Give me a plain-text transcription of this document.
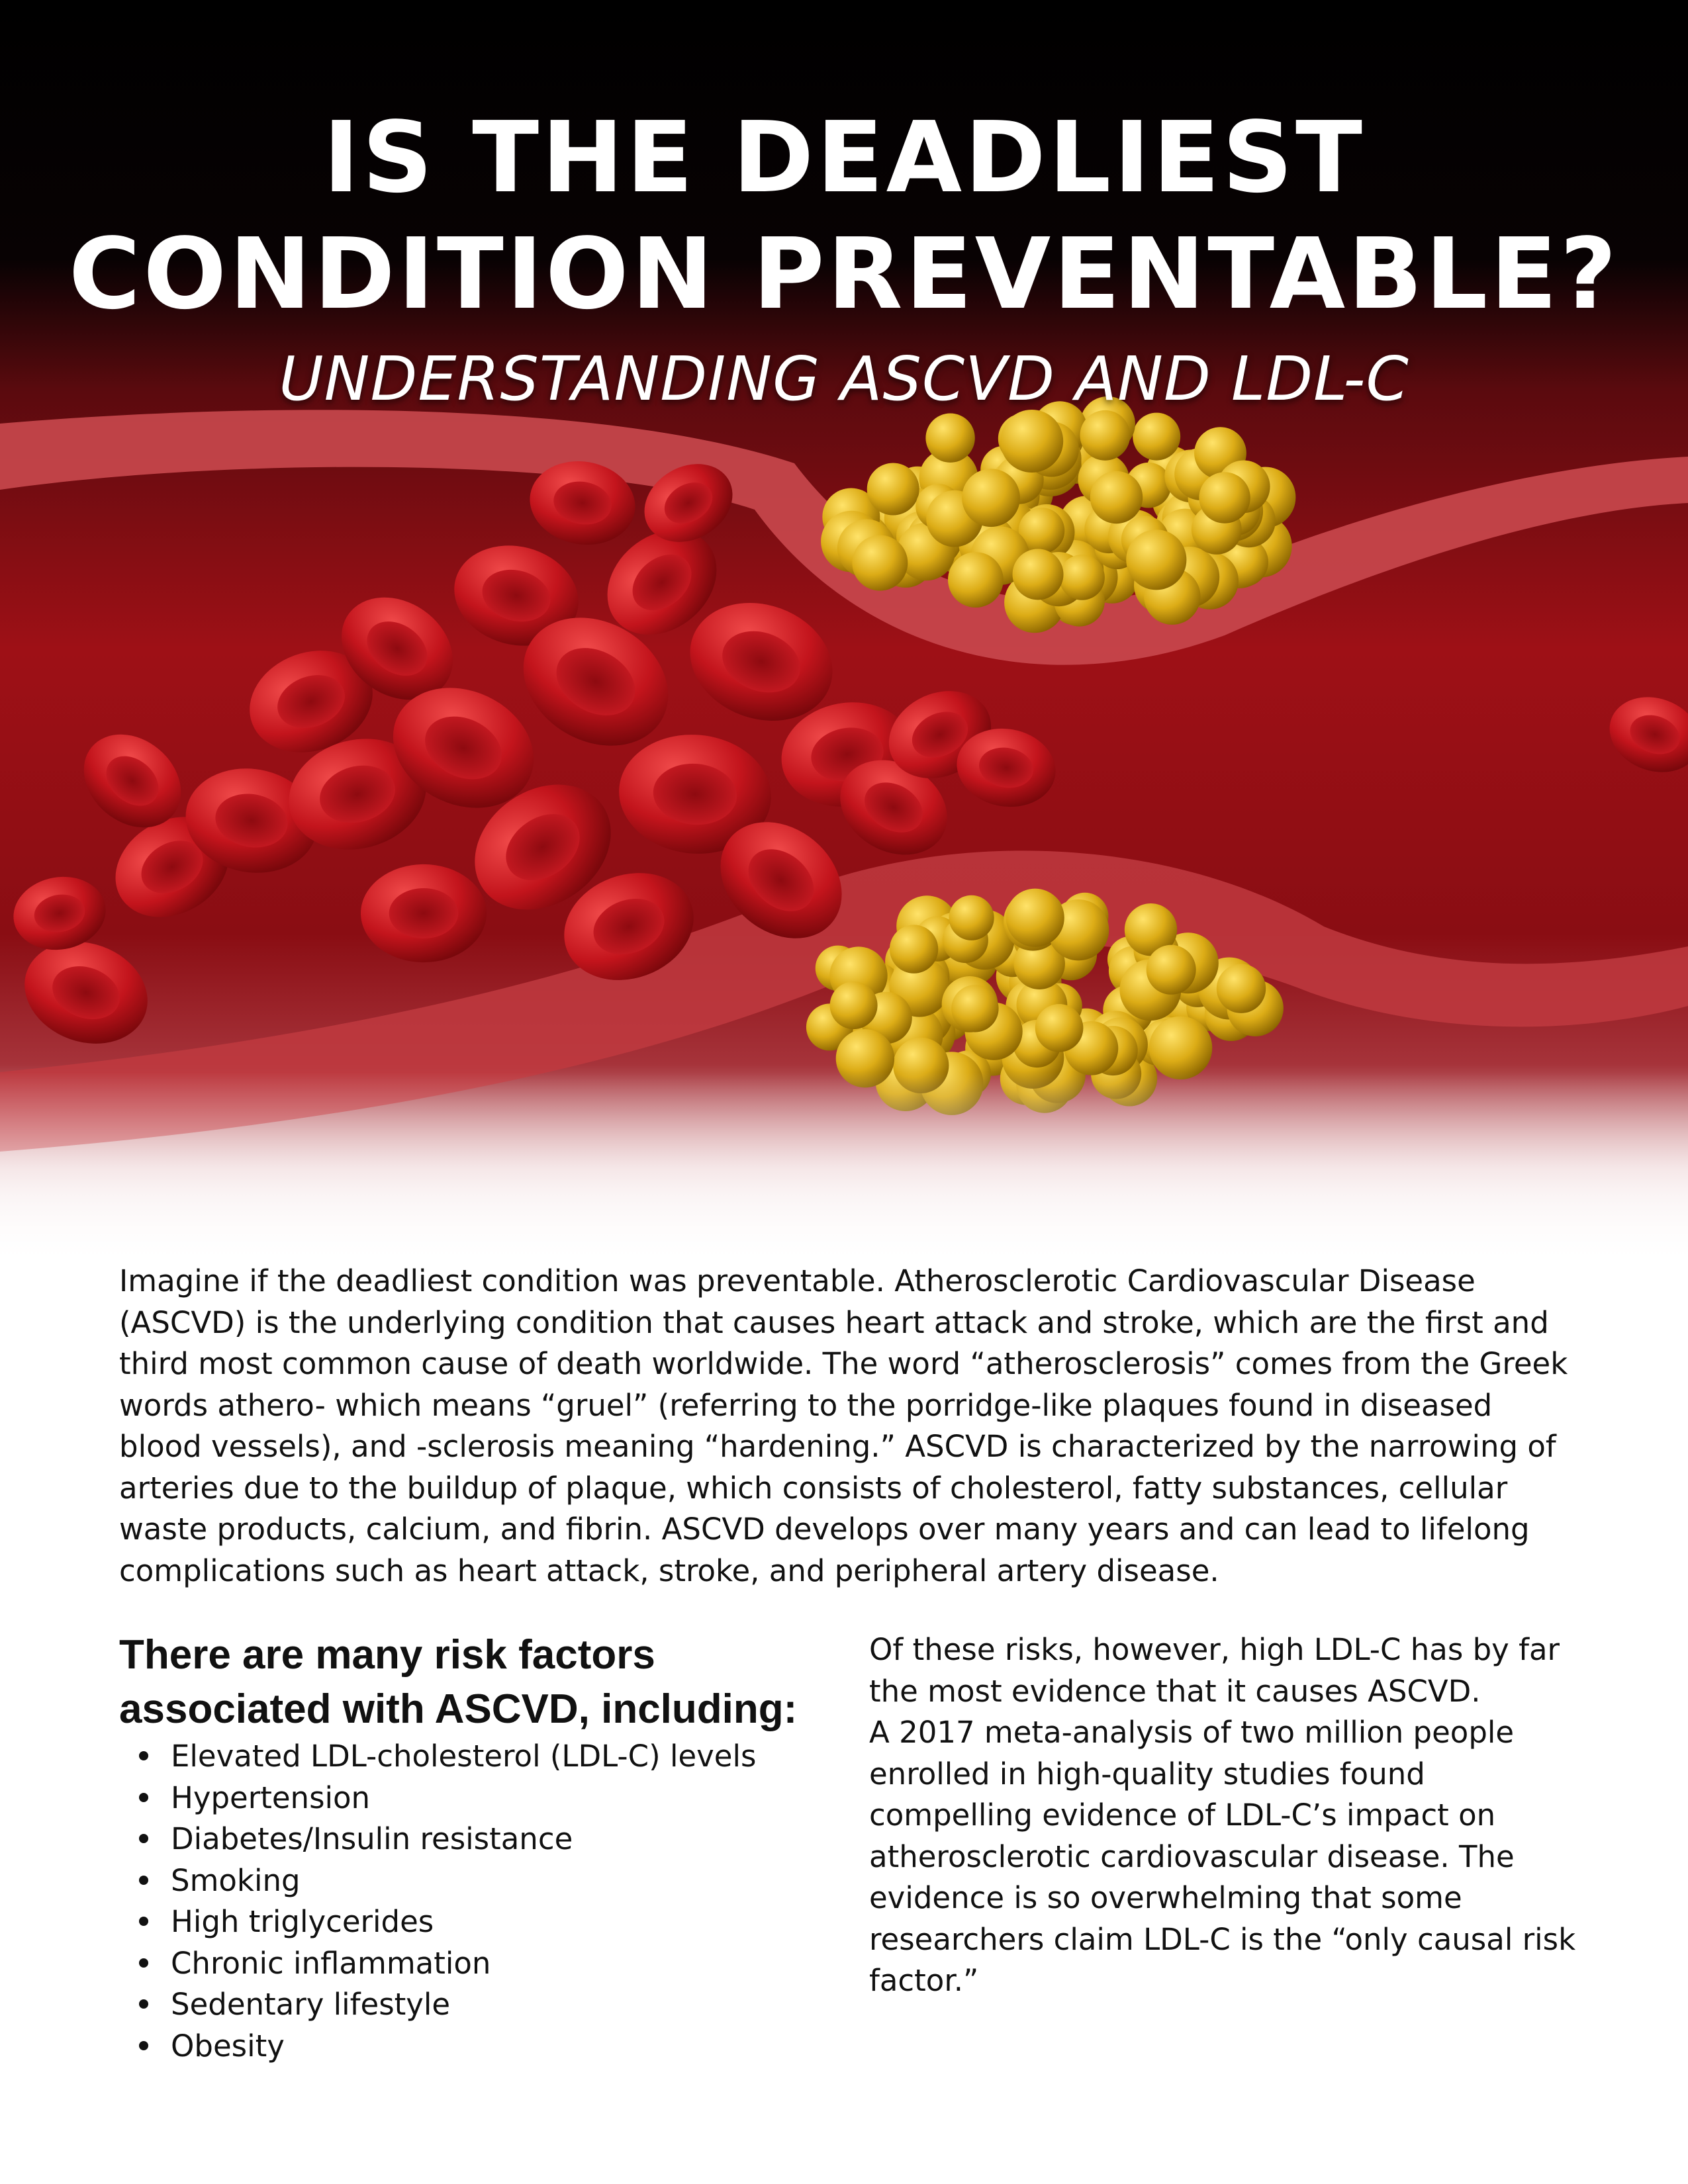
IS THE DEADLIEST
CONDITION PREVENTABLE?
UNDERSTANDING ASCVD AND LDL-C

Imagine if the deadliest condition was preventable. Atherosclerotic Cardiovascular Disease (ASCVD) is the underlying condition that causes heart attack and stroke, which are the first and third most common cause of death worldwide. The word “atherosclerosis” comes from the Greek words athero- which means “gruel” (referring to the porridge-like plaques found in diseased blood vessels), and -sclerosis meaning “hardening.” ASCVD is characterized by the narrowing of arteries due to the buildup of plaque, which consists of cholesterol, fatty substances, cellular waste products, calcium, and fibrin. ASCVD develops over many years and can lead to lifelong complications such as heart attack, stroke, and peripheral artery disease.

There are many risk factors associated with ASCVD, including:
Elevated LDL-cholesterol (LDL-C) levels
Hypertension
Diabetes/Insulin resistance
Smoking
High triglycerides
Chronic inflammation
Sedentary lifestyle
Obesity
Of these risks, however, high LDL-C has by far the most evidence that it causes ASCVD.
A 2017 meta-analysis of two million people enrolled in high-quality studies found compelling evidence of LDL-C’s impact on atherosclerotic cardiovascular disease. The evidence is so overwhelming that some researchers claim LDL-C is the “only causal risk factor.”
